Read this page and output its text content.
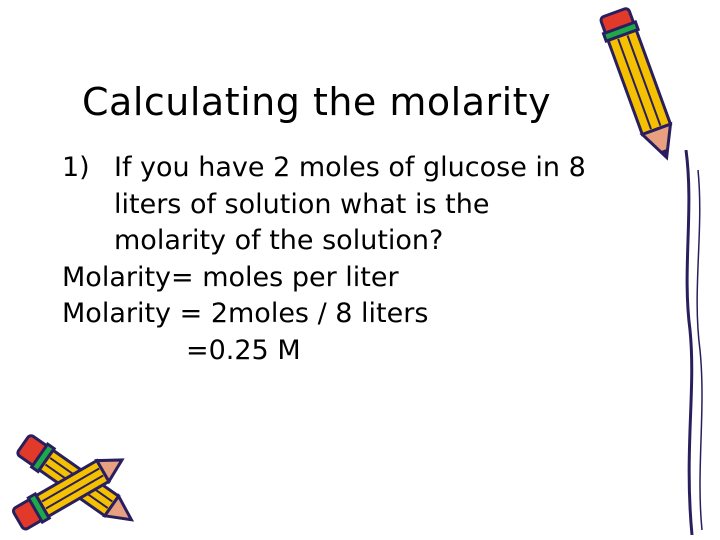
Calculating the molarity
1) If you have 2 moles of glucose in 8
liters of solution what is the
molarity of the solution?
Molarity= moles per liter
Molarity = 2moles / 8 liters
=0.25 M
